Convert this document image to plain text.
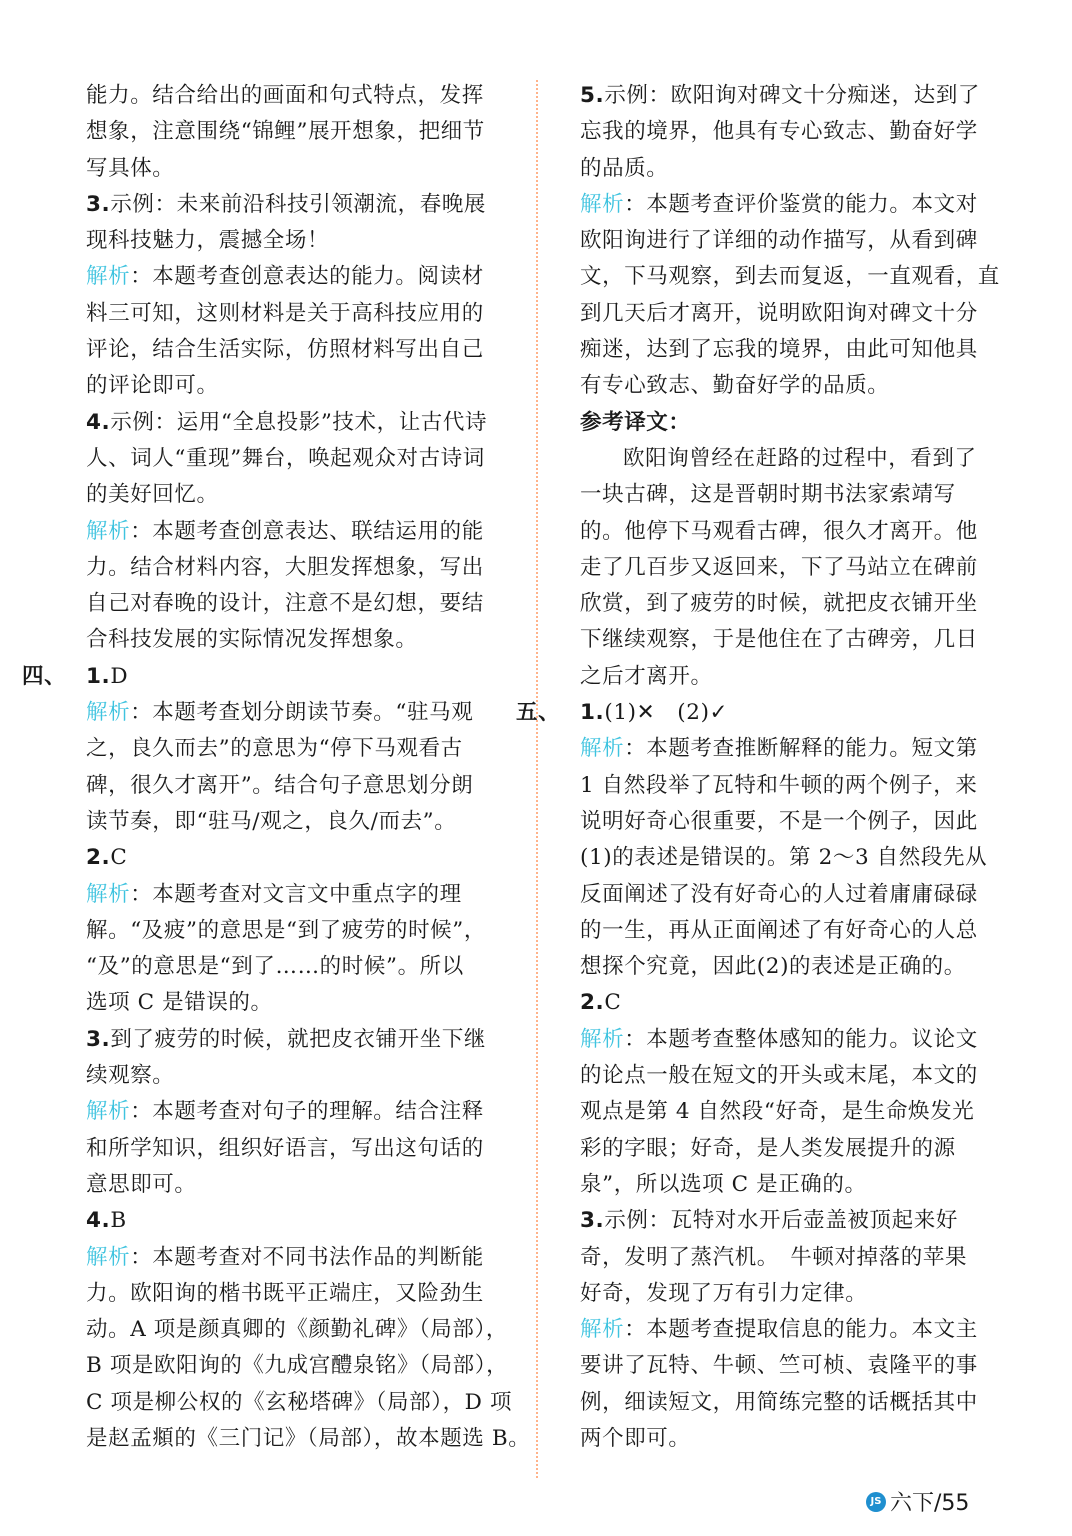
能力。结合给出的画面和句式特点，发挥
想象，注意围绕“锦鲤”展开想象，把细节
写具体。
3.示例：未来前沿科技引领潮流，春晚展
现科技魅力，震撼全场！
解析：本题考查创意表达的能力。阅读材
料三可知，这则材料是关于高科技应用的
评论，结合生活实际，仿照材料写出自己
的评论即可。
4.示例：运用“全息投影”技术，让古代诗
人、词人“重现”舞台，唤起观众对古诗词
的美好回忆。
解析：本题考查创意表达、联结运用的能
力。结合材料内容，大胆发挥想象，写出
自己对春晚的设计，注意不是幻想，要结
合科技发展的实际情况发挥想象。
四、 1.D
解析：本题考查划分朗读节奏。“驻马观
之，良久而去”的意思为“停下马观看古
碑，很久才离开”。结合句子意思划分朗
读节奏，即“驻马/观之，良久/而去”。
2.C
解析：本题考查对文言文中重点字的理
解。“及疲”的意思是“到了疲劳的时候”，
“及”的意思是“到了……的时候”。所以
选项 C 是错误的。
3.到了疲劳的时候，就把皮衣铺开坐下继
续观察。
解析：本题考查对句子的理解。结合注释
和所学知识，组织好语言，写出这句话的
意思即可。
4.B
解析：本题考查对不同书法作品的判断能
力。欧阳询的楷书既平正端庄，又险劲生
动。A 项是颜真卿的《颜勤礼碑》（局部），
B 项是欧阳询的《九成宫醴泉铭》（局部），
C 项是柳公权的《玄秘塔碑》（局部），D 项
是赵孟頫的《三门记》（局部），故本题选 B。
5.示例：欧阳询对碑文十分痴迷，达到了
忘我的境界，他具有专心致志、勤奋好学
的品质。
解析：本题考查评价鉴赏的能力。本文对
欧阳询进行了详细的动作描写，从看到碑
文，下马观察，到去而复返，一直观看，直
到几天后才离开，说明欧阳询对碑文十分
痴迷，达到了忘我的境界，由此可知他具
有专心致志、勤奋好学的品质。
参考译文：
欧阳询曾经在赶路的过程中，看到了
一块古碑，这是晋朝时期书法家索靖写
的。他停下马观看古碑，很久才离开。他
走了几百步又返回来，下了马站立在碑前
欣赏，到了疲劳的时候，就把皮衣铺开坐
下继续观察，于是他住在了古碑旁，几日
之后才离开。
五、 1.(1)✕　(2)✓
解析：本题考查推断解释的能力。短文第
1 自然段举了瓦特和牛顿的两个例子，来
说明好奇心很重要，不是一个例子，因此
(1)的表述是错误的。第 2～3 自然段先从
反面阐述了没有好奇心的人过着庸庸碌碌
的一生，再从正面阐述了有好奇心的人总
想探个究竟，因此(2)的表述是正确的。
2.C
解析：本题考查整体感知的能力。议论文
的论点一般在短文的开头或末尾，本文的
观点是第 4 自然段“好奇，是生命焕发光
彩的字眼；好奇，是人类发展提升的源
泉”，所以选项 C 是正确的。
3.示例：瓦特对水开后壶盖被顶起来好
奇，发明了蒸汽机。　牛顿对掉落的苹果
好奇，发现了万有引力定律。
解析：本题考查提取信息的能力。本文主
要讲了瓦特、牛顿、竺可桢、袁隆平的事
例，细读短文，用简练完整的话概括其中
两个即可。
JS 六下/55
